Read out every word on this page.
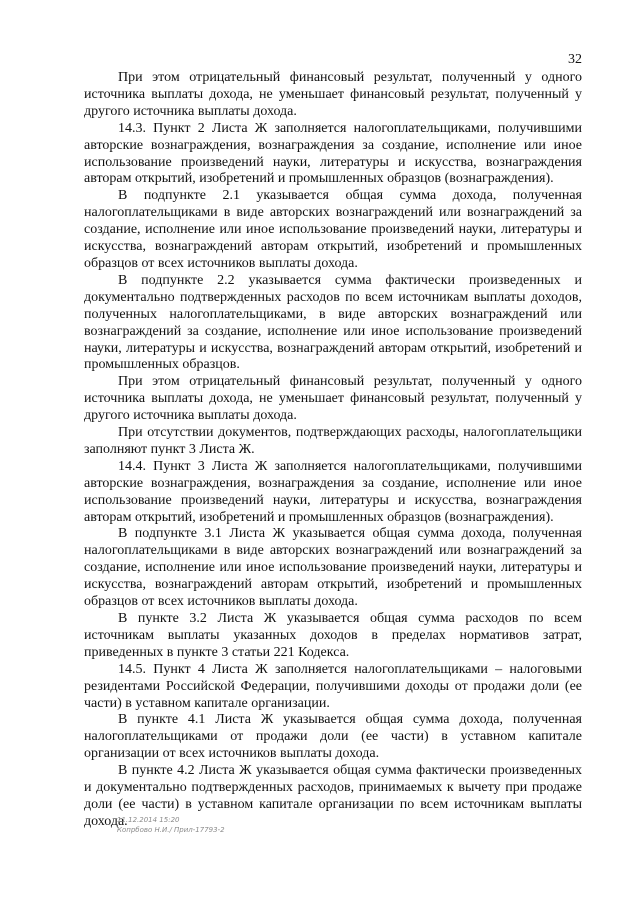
32

При этом отрицательный финансовый результат, полученный у одного источника выплаты дохода, не уменьшает финансовый результат, полученный у другого источника выплаты дохода.

14.3. Пункт 2 Листа Ж заполняется налогоплательщиками, получившими авторские вознаграждения, вознаграждения за создание, исполнение или иное использование произведений науки, литературы и искусства, вознаграждения авторам открытий, изобретений и промышленных образцов (вознаграждения).

В подпункте 2.1 указывается общая сумма дохода, полученная налогоплательщиками в виде авторских вознаграждений или вознаграждений за создание, исполнение или иное использование произведений науки, литературы и искусства, вознаграждений авторам открытий, изобретений и промышленных образцов от всех источников выплаты дохода.

В подпункте 2.2 указывается сумма фактически произведенных и документально подтвержденных расходов по всем источникам выплаты доходов, полученных налогоплательщиками, в виде авторских вознаграждений или вознаграждений за создание, исполнение или иное использование произведений науки, литературы и искусства, вознаграждений авторам открытий, изобретений и промышленных образцов.

При этом отрицательный финансовый результат, полученный у одного источника выплаты дохода, не уменьшает финансовый результат, полученный у другого источника выплаты дохода.

При отсутствии документов, подтверждающих расходы, налогоплательщики заполняют пункт 3 Листа Ж.

14.4. Пункт 3 Листа Ж заполняется налогоплательщиками, получившими авторские вознаграждения, вознаграждения за создание, исполнение или иное использование произведений науки, литературы и искусства, вознаграждения авторам открытий, изобретений и промышленных образцов (вознаграждения).

В подпункте 3.1 Листа Ж указывается общая сумма дохода, полученная налогоплательщиками в виде авторских вознаграждений или вознаграждений за создание, исполнение или иное использование произведений науки, литературы и искусства, вознаграждений авторам открытий, изобретений и промышленных образцов от всех источников выплаты дохода.

В пункте 3.2 Листа Ж указывается общая сумма расходов по всем источникам выплаты указанных доходов в пределах нормативов затрат, приведенных в пункте 3 статьи 221 Кодекса.

14.5. Пункт 4 Листа Ж заполняется налогоплательщиками – налоговыми резидентами Российской Федерации, получившими доходы от продажи доли (ее части) в уставном капитале организации.

В пункте 4.1 Листа Ж указывается общая сумма дохода, полученная налогоплательщиками от продажи доли (ее части) в уставном капитале организации от всех источников выплаты дохода.

В пункте 4.2 Листа Ж указывается общая сумма фактически произведенных и документально подтвержденных расходов, принимаемых к вычету при продаже доли (ее части) в уставном капитале организации по всем источникам выплаты дохода.

11.12.2014 15:20
Копрбово Н.И./ Прил-17793-2
